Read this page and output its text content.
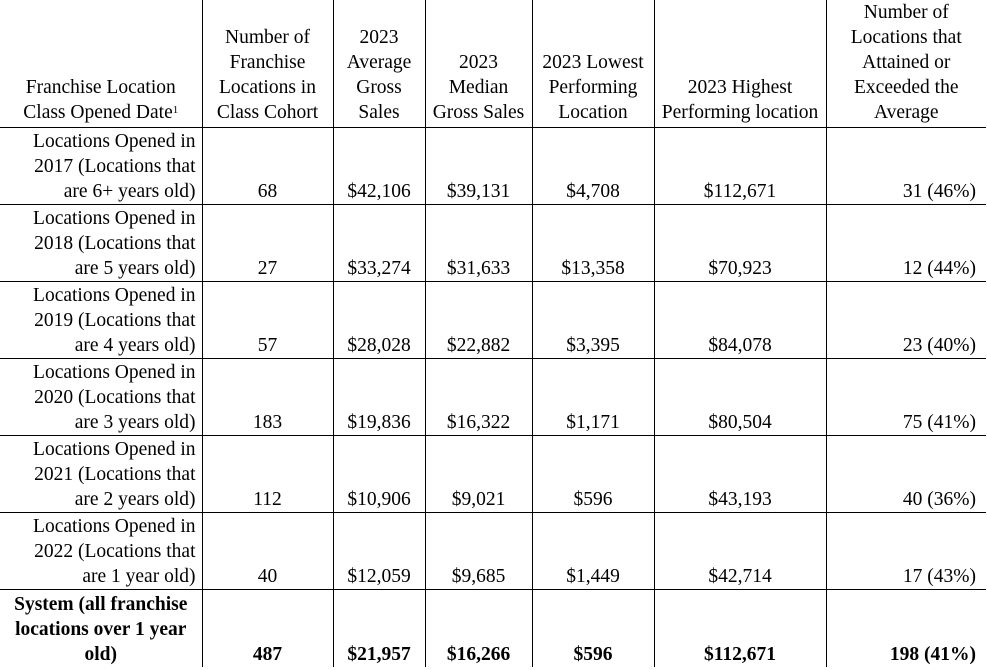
Franchise Location Class Opened Date$^1$	Number of Franchise Locations in Class Cohort	2023 Average Gross Sales	2023 Median Gross Sales	2023 Lowest Performing Location	2023 Highest Performing location	Number of Locations that Attained or Exceeded the Average
Locations Opened in 2017 (Locations that are 6+ years old)	68	$42,106	$39,131	$4,708	$112,671	31 (46%)
Locations Opened in 2018 (Locations that are 5 years old)	27	$33,274	$31,633	$13,358	$70,923	12 (44%)
Locations Opened in 2019 (Locations that are 4 years old)	57	$28,028	$22,882	$3,395	$84,078	23 (40%)
Locations Opened in 2020 (Locations that are 3 years old)	183	$19,836	$16,322	$1,171	$80,504	75 (41%)
Locations Opened in 2021 (Locations that are 2 years old)	112	$10,906	$9,021	$596	$43,193	40 (36%)
Locations Opened in 2022 (Locations that are 1 year old)	40	$12,059	$9,685	$1,449	$42,714	17 (43%)
System (all franchise locations over 1 year old)	487	$21,957	$16,266	$596	$112,671	198 (41%)
